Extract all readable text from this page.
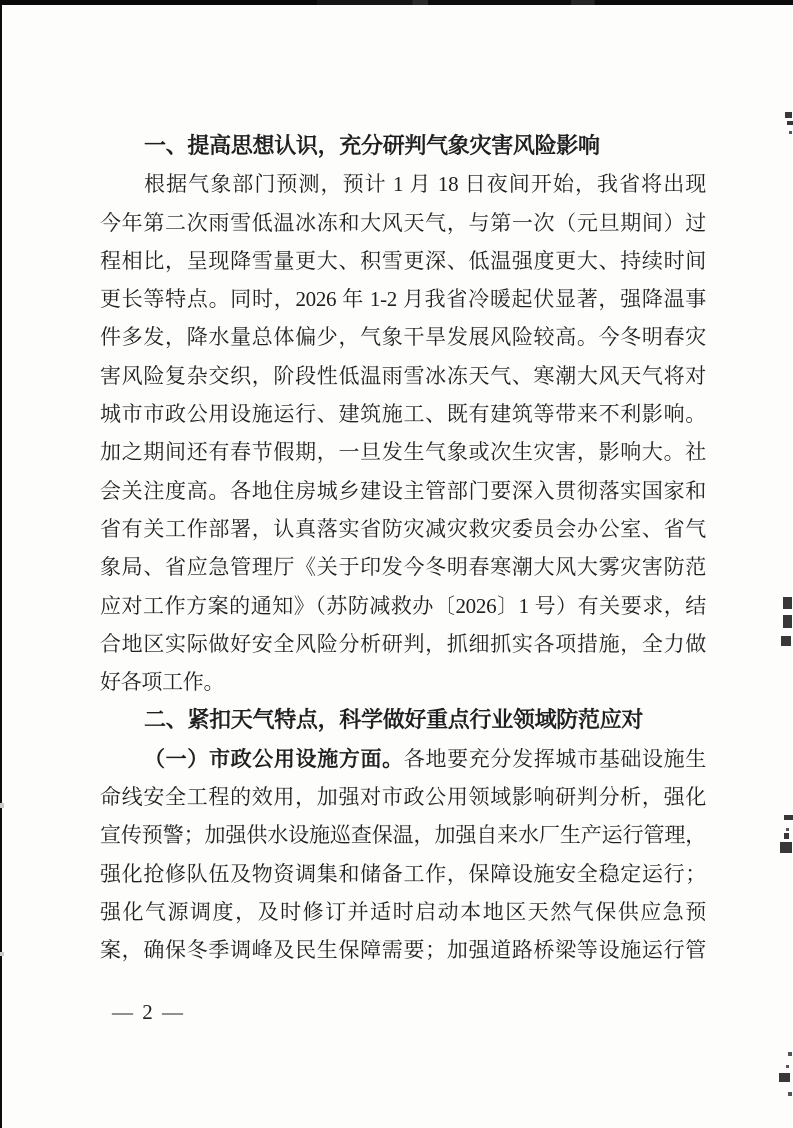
一、提高思想认识，充分研判气象灾害风险影响
根据气象部门预测，预计 1 月 18 日夜间开始，我省将出现
今年第二次雨雪低温冰冻和大风天气，与第一次（元旦期间）过
程相比，呈现降雪量更大、积雪更深、低温强度更大、持续时间
更长等特点。同时，2026 年 1-2 月我省冷暖起伏显著，强降温事
件多发，降水量总体偏少，气象干旱发展风险较高。今冬明春灾
害风险复杂交织，阶段性低温雨雪冰冻天气、寒潮大风天气将对
城市市政公用设施运行、建筑施工、既有建筑等带来不利影响。
加之期间还有春节假期，一旦发生气象或次生灾害，影响大。社
会关注度高。各地住房城乡建设主管部门要深入贯彻落实国家和
省有关工作部署，认真落实省防灾减灾救灾委员会办公室、省气
象局、省应急管理厅《关于印发今冬明春寒潮大风大雾灾害防范
应对工作方案的通知》（苏防减救办〔2026〕1 号）有关要求，结
合地区实际做好安全风险分析研判，抓细抓实各项措施，全力做
好各项工作。
二、紧扣天气特点，科学做好重点行业领域防范应对
（一）市政公用设施方面。各地要充分发挥城市基础设施生
命线安全工程的效用，加强对市政公用领域影响研判分析，强化
宣传预警；加强供水设施巡查保温，加强自来水厂生产运行管理，
强化抢修队伍及物资调集和储备工作，保障设施安全稳定运行；
强化气源调度，及时修订并适时启动本地区天然气保供应急预
案，确保冬季调峰及民生保障需要；加强道路桥梁等设施运行管
— 2 —
